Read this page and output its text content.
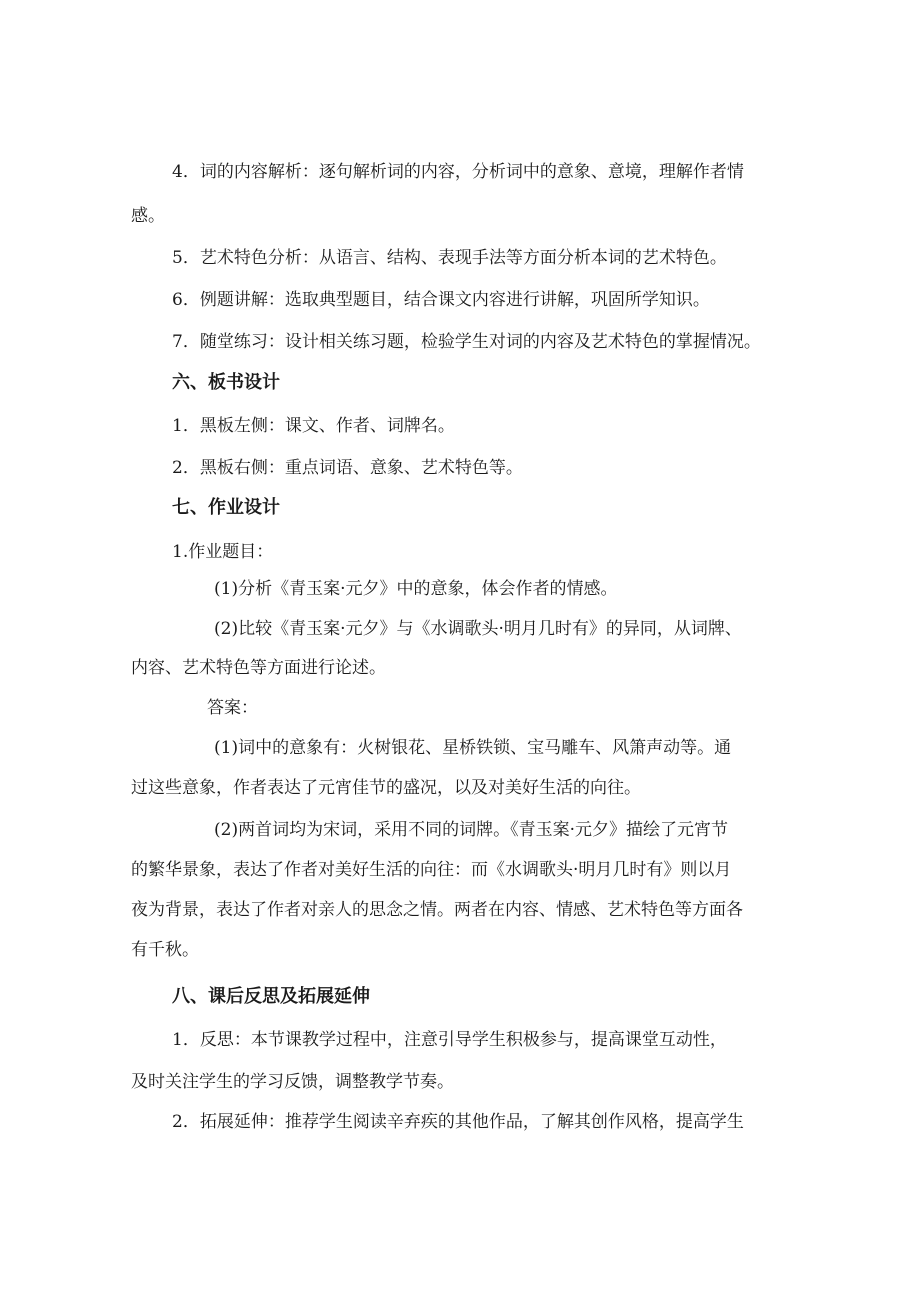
4．词的内容解析：逐句解析词的内容，分析词中的意象、意境，理解作者情
感。
5．艺术特色分析：从语言、结构、表现手法等方面分析本词的艺术特色。
6．例题讲解：选取典型题目，结合课文内容进行讲解，巩固所学知识。
7．随堂练习：设计相关练习题，检验学生对词的内容及艺术特色的掌握情况。
六、板书设计
1．黑板左侧：课文、作者、词牌名。
2．黑板右侧：重点词语、意象、艺术特色等。
七、作业设计
1.作业题目：
(1)分析《青玉案·元夕》中的意象，体会作者的情感。
(2)比较《青玉案·元夕》与《水调歌头·明月几时有》的异同，从词牌、
内容、艺术特色等方面进行论述。
答案：
(1)词中的意象有：火树银花、星桥铁锁、宝马雕车、风箫声动等。通
过这些意象，作者表达了元宵佳节的盛况，以及对美好生活的向往。
(2)两首词均为宋词，采用不同的词牌。《青玉案·元夕》描绘了元宵节
的繁华景象，表达了作者对美好生活的向往：而《水调歌头·明月几时有》则以月
夜为背景，表达了作者对亲人的思念之情。两者在内容、情感、艺术特色等方面各
有千秋。
八、课后反思及拓展延伸
1．反思：本节课教学过程中，注意引导学生积极参与，提高课堂互动性，
及时关注学生的学习反馈，调整教学节奏。
2．拓展延伸：推荐学生阅读辛弃疾的其他作品，了解其创作风格，提高学生
